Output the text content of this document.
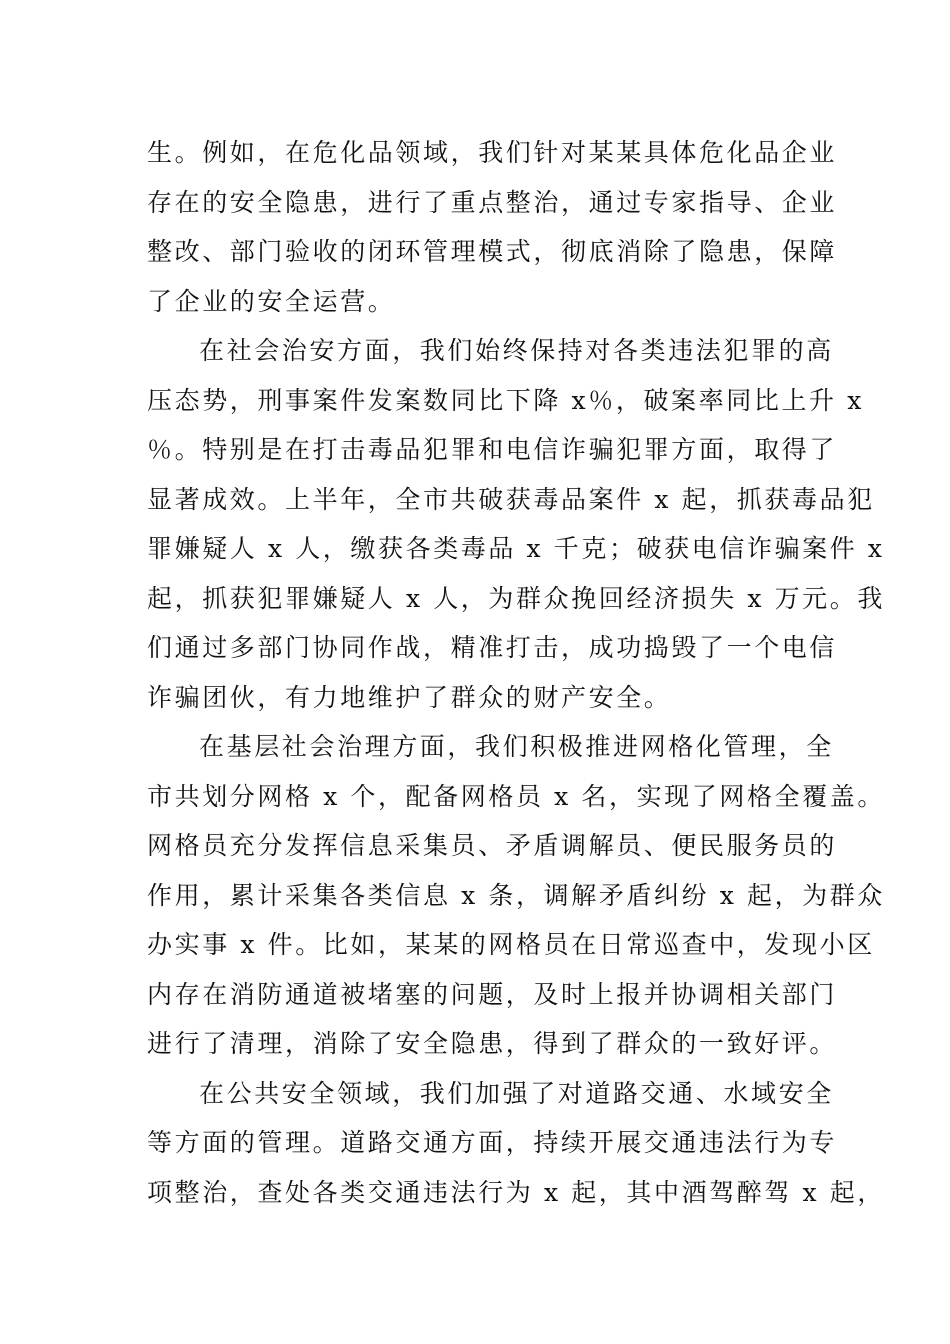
生。例如，在危化品领域，我们针对某某具体危化品企业
存在的安全隐患，进行了重点整治，通过专家指导、企业
整改、部门验收的闭环管理模式，彻底消除了隐患，保障
了企业的安全运营。
在社会治安方面，我们始终保持对各类违法犯罪的高
压态势，刑事案件发案数同比下降 x％，破案率同比上升 x
％。特别是在打击毒品犯罪和电信诈骗犯罪方面，取得了
显著成效。上半年，全市共破获毒品案件 x 起，抓获毒品犯
罪嫌疑人 x 人，缴获各类毒品 x 千克；破获电信诈骗案件 x
起，抓获犯罪嫌疑人 x 人，为群众挽回经济损失 x 万元。我
们通过多部门协同作战，精准打击，成功捣毁了一个电信
诈骗团伙，有力地维护了群众的财产安全。
在基层社会治理方面，我们积极推进网格化管理，全
市共划分网格 x 个，配备网格员 x 名，实现了网格全覆盖。
网格员充分发挥信息采集员、矛盾调解员、便民服务员的
作用，累计采集各类信息 x 条，调解矛盾纠纷 x 起，为群众
办实事 x 件。比如，某某的网格员在日常巡查中，发现小区
内存在消防通道被堵塞的问题，及时上报并协调相关部门
进行了清理，消除了安全隐患，得到了群众的一致好评。
在公共安全领域，我们加强了对道路交通、水域安全
等方面的管理。道路交通方面，持续开展交通违法行为专
项整治，查处各类交通违法行为 x 起，其中酒驾醉驾 x 起，
